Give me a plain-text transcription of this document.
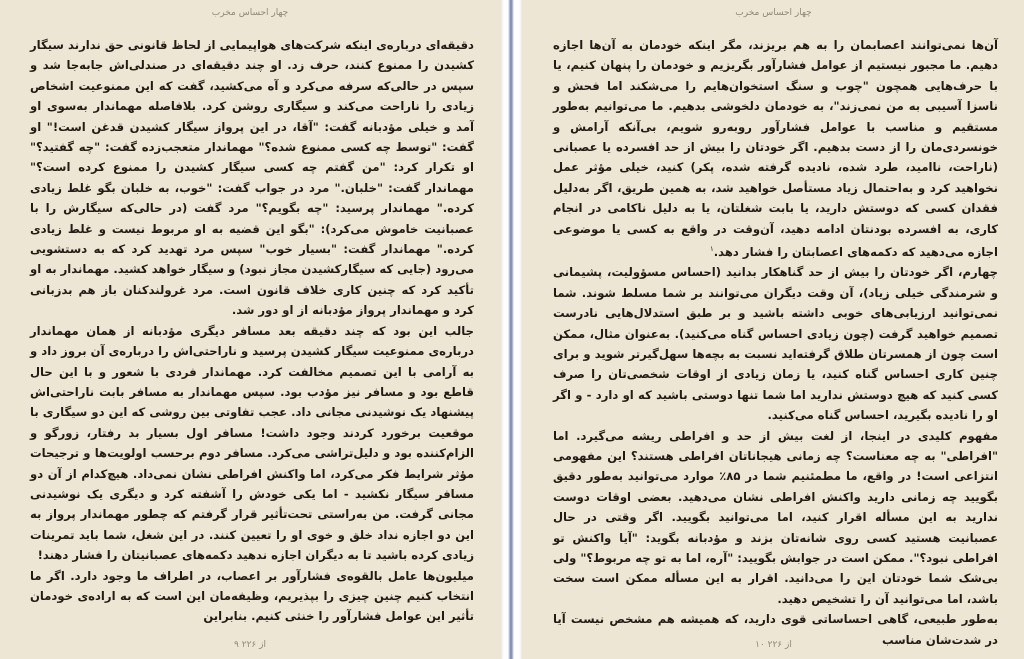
چهار احساس مخرب

دقیقه‌ای درباره‌ی اینکه شرکت‌های هواپیمایی از لحاظ قانونی حق ندارند سیگار کشیدن را ممنوع کنند، حرف زد. او چند دقیقه‌ای در صندلی‌اش جابه‌جا شد و سپس در حالی‌که سرفه می‌کرد و آه می‌کشید، گفت که این ممنوعیت اشخاص زیادی را ناراحت می‌کند و سیگاری روشن کرد. بلافاصله مهماندار به‌سوی او آمد و خیلی مؤدبانه گفت: "آقا، در این پرواز سیگار کشیدن قدغن است!" او گفت: "توسط چه کسی ممنوع شده؟" مهماندار متعجب‌زده گفت: "چه گفتید؟" او تکرار کرد: "من گفتم چه کسی سیگار کشیدن را ممنوع کرده است؟" مهماندار گفت: "خلبان." مرد در جواب گفت: "خوب، به خلبان بگو غلط زیادی کرده." مهماندار پرسید: "چه بگویم؟" مرد گفت (در حالی‌که سیگارش را با عصبانیت خاموش می‌کرد): "بگو این قضیه به او مربوط نیست و غلط زیادی کرده." مهماندار گفت: "بسیار خوب" سپس مرد تهدید کرد که به دستشویی می‌رود (جایی که سیگارکشیدن مجاز نبود) و سیگار خواهد کشید. مهماندار به او تأکید کرد که چنین کاری خلاف قانون است. مرد غرولندکنان باز هم بدزبانی کرد و مهماندار پرواز مؤدبانه از او دور شد.

جالب این بود که چند دقیقه بعد مسافر دیگری مؤدبانه از همان مهماندار درباره‌ی ممنوعیت سیگار کشیدن پرسید و ناراحتی‌اش را درباره‌ی آن بروز داد و به آرامی با این تصمیم مخالفت کرد. مهماندار فردی با شعور و با این حال قاطع بود و مسافر نیز مؤدب بود. سپس مهماندار به مسافر بابت ناراحتی‌اش پیشنهاد یک نوشیدنی مجانی داد. عجب تفاوتی بین روشی که این دو سیگاری با موقعیت برخورد کردند وجود داشت! مسافر اول بسیار بد رفتار، زورگو و الزام‌کننده بود و دلیل‌تراشی می‌کرد. مسافر دوم برحسب اولویت‌ها و ترجیحات مؤثر شرایط فکر می‌کرد، اما واکنش افراطی نشان نمی‌داد. هیچ‌کدام از آن دو مسافر سیگار نکشید - اما یکی خودش را آشفته کرد و دیگری یک نوشیدنی مجانی گرفت. من به‌راستی تحت‌تأثیر قرار گرفتم که چطور مهماندار پرواز به این دو اجازه نداد خلق و خوی او را تعیین کنند. در این شغل، شما باید تمرینات زیادی کرده باشید تا به دیگران اجازه ندهید دکمه‌های عصبانیتان را فشار دهند!

میلیون‌ها عامل بالقوه‌ی فشارآور بر اعصاب، در اطراف ما وجود دارد. اگر ما انتخاب کنیم چنین چیزی را بپذیریم، وظیفه‌مان این است که به اراده‌ی خودمان تأثیر این عوامل فشارآور را خنثی کنیم. بنابراین

۹ از ۲۲۶
چهار احساس مخرب

آن‌ها نمی‌توانند اعصابمان را به هم بریزند، مگر اینکه خودمان به آن‌ها اجازه دهیم. ما مجبور نیستیم از عوامل فشارآور بگریزیم و خودمان را پنهان کنیم، یا با حرف‌هایی همچون "چوب و سنگ استخوان‌هایم را می‌شکند اما فحش و ناسزا آسیبی به من نمی‌زند"، به خودمان دلخوشی بدهیم. ما می‌توانیم به‌طور مستقیم و مناسب با عوامل فشارآور روبه‌رو شویم، بی‌آنکه آرامش و خونسردی‌مان را از دست بدهیم. اگر خودتان را بیش از حد افسرده یا عصبانی (ناراحت، ناامید، طرد شده، نادیده گرفته شده، پکر) کنید، خیلی مؤثر عمل نخواهید کرد و به‌احتمال زیاد مستأصل خواهید شد، به همین طریق، اگر به‌دلیل فقدان کسی که دوستش دارید، یا بابت شغلتان، یا به دلیل ناکامی در انجام کاری، به افسرده بودنتان ادامه دهید، آن‌وقت در واقع به کسی یا موضوعی اجازه می‌دهید که دکمه‌های اعصابتان را فشار دهد.$^۱$

چهارم، اگر خودتان را بیش از حد گناهکار بدانید (احساس مسؤولیت، پشیمانی و شرمندگی خیلی زیاد)، آن وقت دیگران می‌توانند بر شما مسلط شوند. شما نمی‌توانید ارزیابی‌های خوبی داشته باشید و بر طبق استدلال‌هایی نادرست تصمیم خواهید گرفت (چون زیادی احساس گناه می‌کنید). به‌عنوان مثال، ممکن است چون از همسرتان طلاق گرفته‌اید نسبت به بچه‌ها سهل‌گیرتر شوید و برای چنین کاری احساس گناه کنید، یا زمان زیادی از اوقات شخصی‌تان را صرف کسی کنید که هیچ دوستش ندارید اما شما تنها دوستی باشید که او دارد - و اگر او را نادیده بگیرید، احساس گناه می‌کنید.

مفهوم کلیدی در اینجا، از لغت بیش از حد و افراطی ریشه می‌گیرد. اما "افراطی" به چه معناست؟ چه زمانی هیجاناتان افراطی هستند؟ این مفهومی انتزاعی است! در واقع، ما مطمئنیم شما در ۸۵٪ موارد می‌توانید به‌طور دقیق بگویید چه زمانی دارید واکنش افراطی نشان می‌دهید. بعضی اوقات دوست ندارید به این مسأله اقرار کنید، اما می‌توانید بگویید. اگر وقتی در حال عصبانیت هستید کسی روی شانه‌تان بزند و مؤدبانه بگوید: "آیا واکنش تو افراطی نبود؟". ممکن است در جوابش بگویید: "آره، اما به تو چه مربوط؟" ولی بی‌شک شما خودتان این را می‌دانید. اقرار به این مسأله ممکن است سخت باشد، اما می‌توانید آن را تشخیص دهید.

به‌طور طبیعی، گاهی احساساتی قوی دارید، که همیشه هم مشخص نیست آیا در شدت‌شان مناسب

۱۰ از ۲۲۶
